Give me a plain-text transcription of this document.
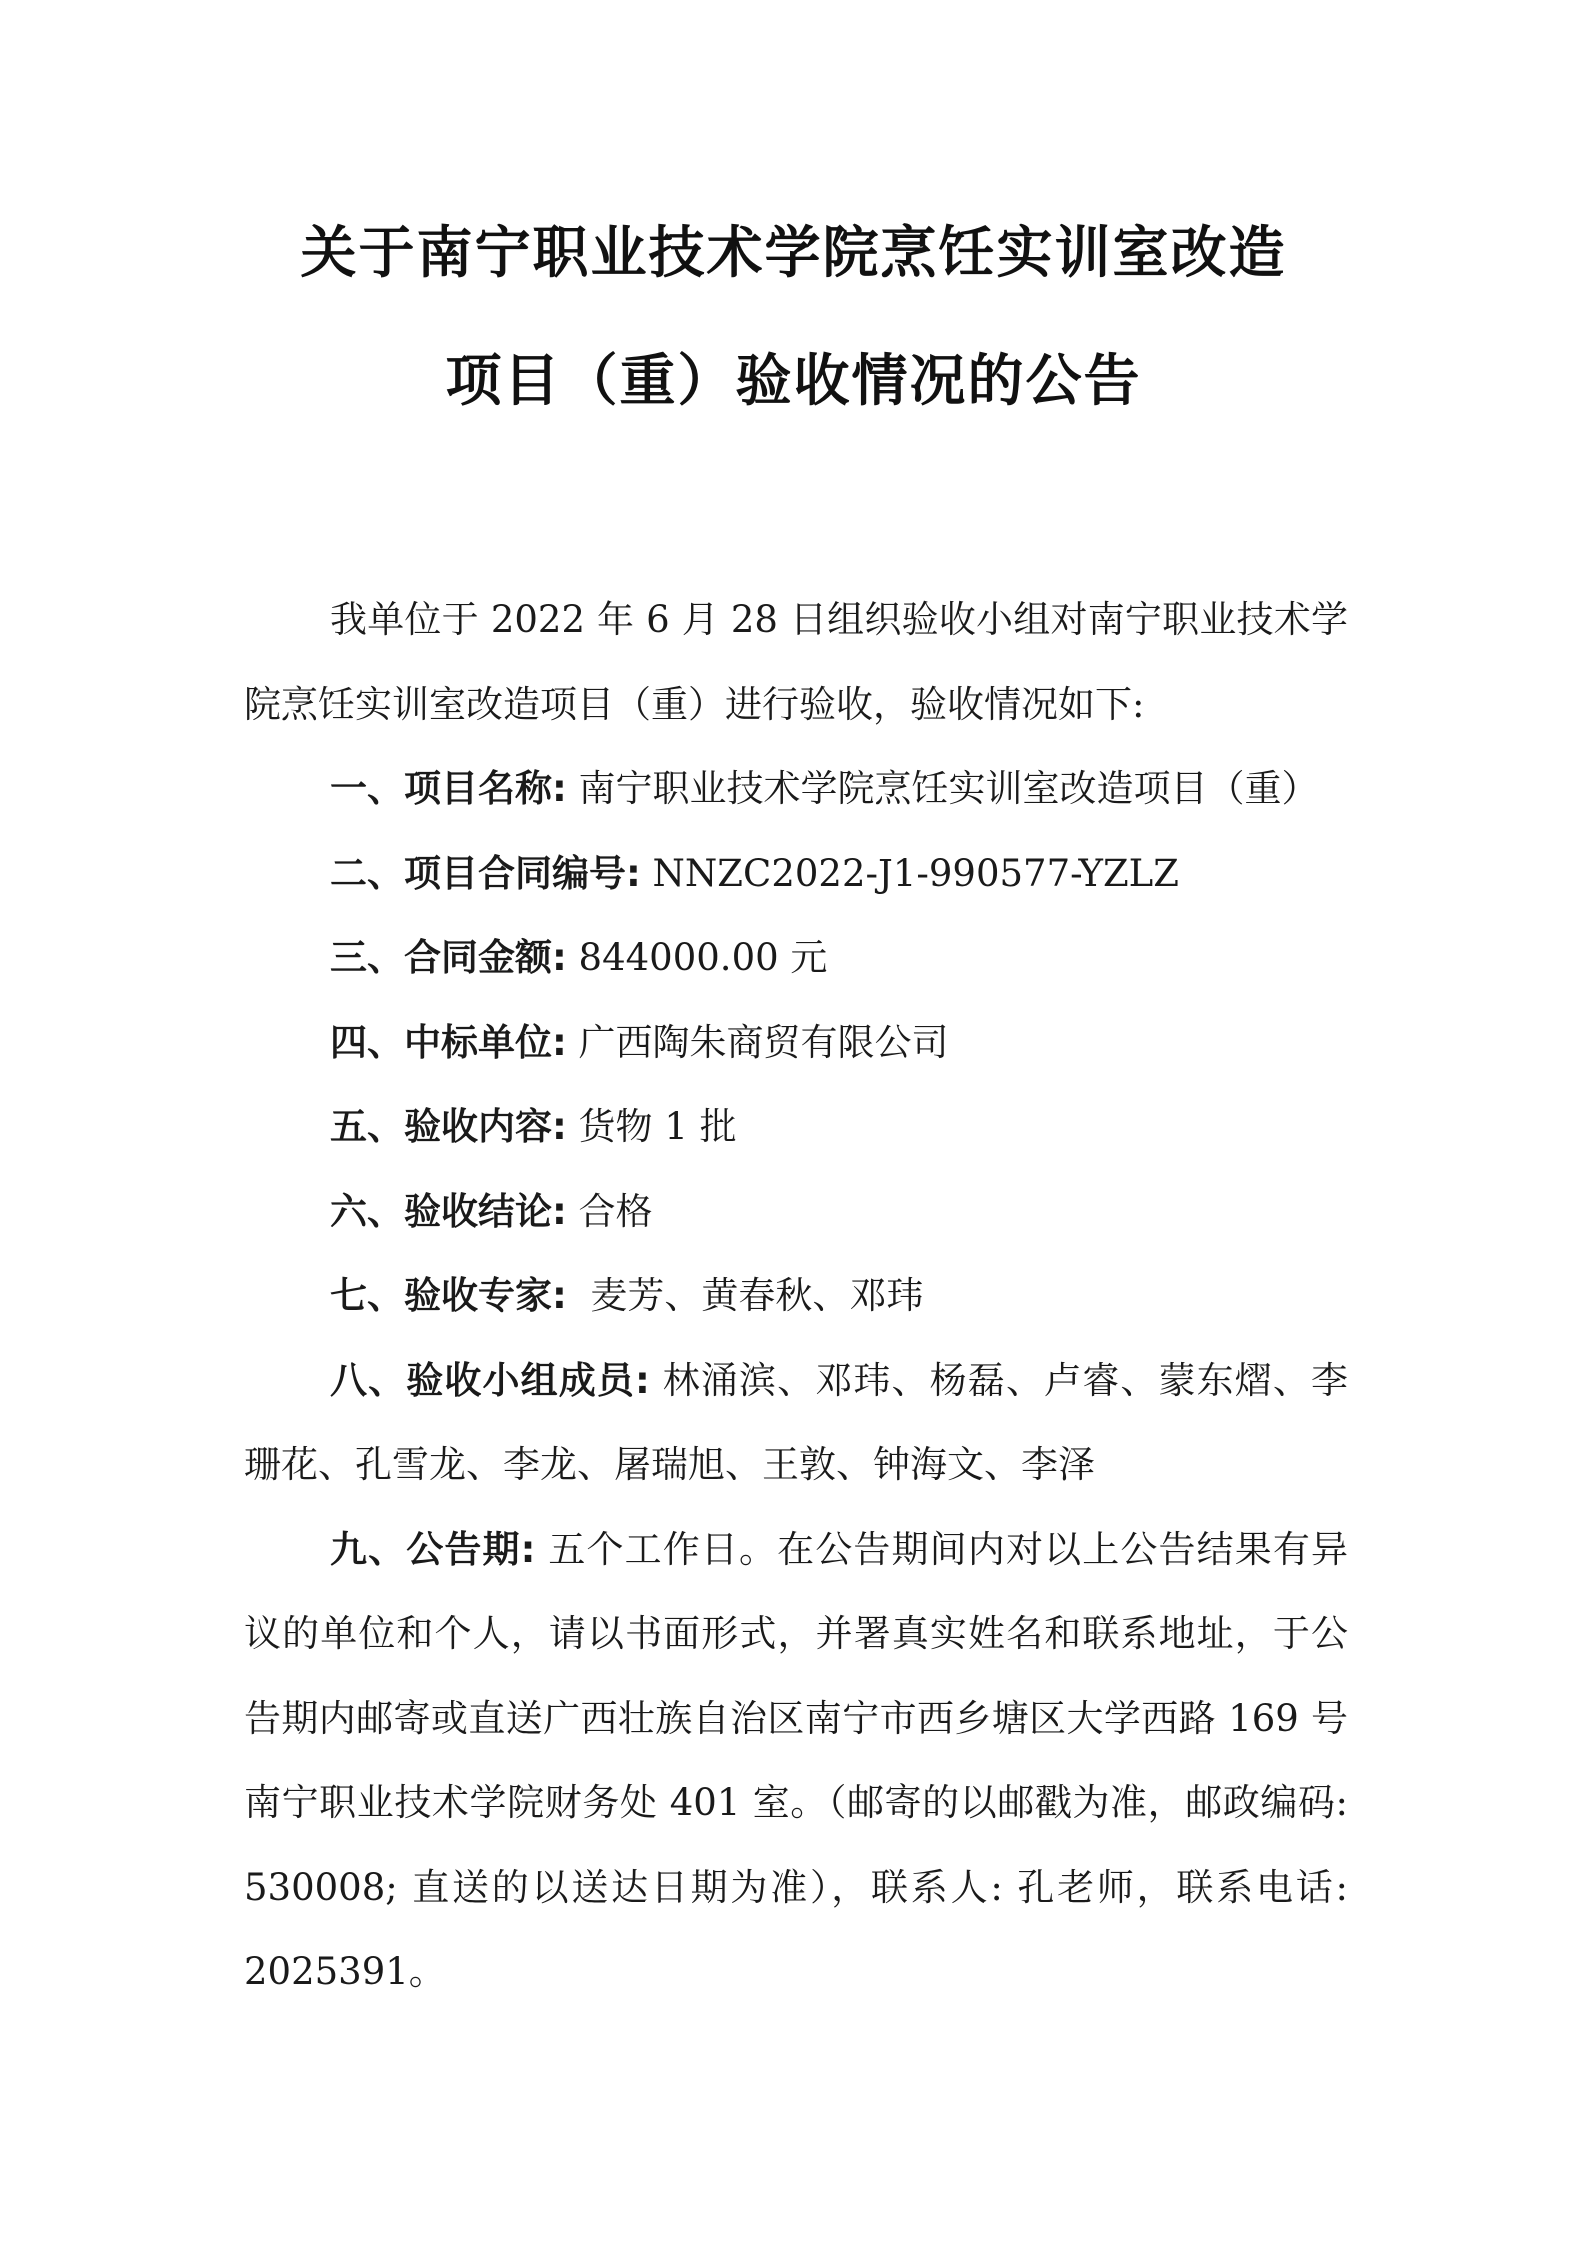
关于南宁职业技术学院烹饪实训室改造
项目（重）验收情况的公告

我单位于 2022 年 6 月 28 日组织验收小组对南宁职业技术学院烹饪实训室改造项目（重）进行验收，验收情况如下:

一、项目名称: 南宁职业技术学院烹饪实训室改造项目（重）

二、项目合同编号: NNZC2022-J1-990577-YZLZ

三、合同金额: 844000.00 元

四、中标单位: 广西陶朱商贸有限公司

五、验收内容: 货物 1 批

六、验收结论: 合格

七、验收专家:  麦芳、黄春秋、邓玮

八、验收小组成员: 林涌滨、邓玮、杨磊、卢睿、蒙东熠、李珊花、孔雪龙、李龙、屠瑞旭、王敦、钟海文、李泽

九、公告期: 五个工作日。在公告期间内对以上公告结果有异议的单位和个人，请以书面形式，并署真实姓名和联系地址，于公告期内邮寄或直送广西壮族自治区南宁市西乡塘区大学西路 169 号南宁职业技术学院财务处 401 室。（邮寄的以邮戳为准，邮政编码: 530008; 直送的以送达日期为准），联系人: 孔老师，联系电话: 2025391。
